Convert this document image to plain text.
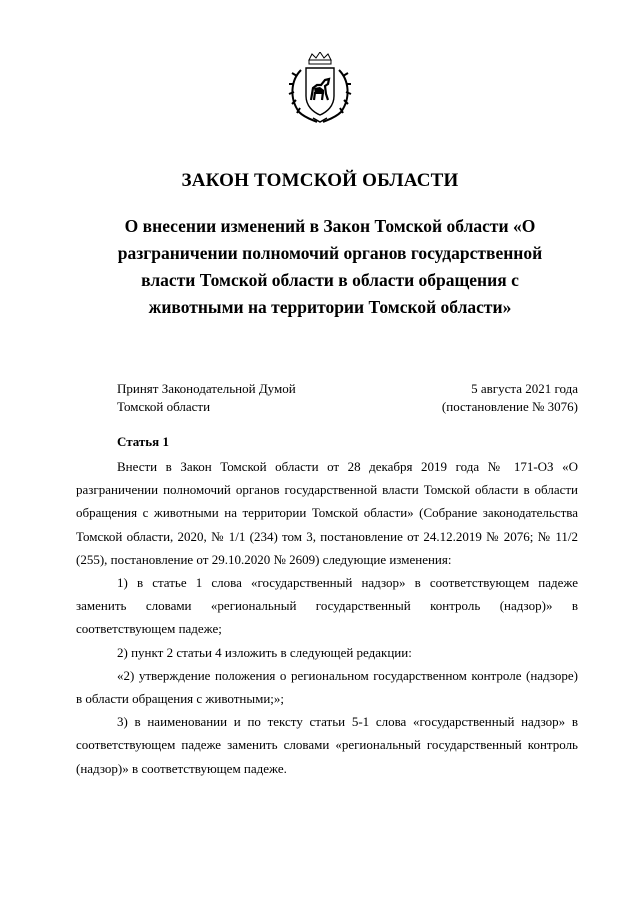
ЗАКОН ТОМСКОЙ ОБЛАСТИ
О внесении изменений в Закон Томской области «О разграничении полномочий органов государственной власти Томской области в области обращения с животными на территории Томской области»
Принят Законодательной Думой
Томской области
5 августа 2021 года
(постановление № 3076)
Статья 1

Внести в Закон Томской области от 28 декабря 2019 года № 171-ОЗ «О разграничении полномочий органов государственной власти Томской области в области обращения с животными на территории Томской области» (Собрание законодательства Томской области, 2020, № 1/1 (234) том 3, постановление от 24.12.2019 № 2076; № 11/2 (255), постановление от 29.10.2020 № 2609) следующие изменения:

1) в статье 1 слова «государственный надзор» в соответствующем падеже заменить словами «региональный государственный контроль (надзор)» в соответствующем падеже;

2) пункт 2 статьи 4 изложить в следующей редакции:

«2) утверждение положения о региональном государственном контроле (надзоре) в области обращения с животными;»;

3) в наименовании и по тексту статьи 5-1 слова «государственный надзор» в соответствующем падеже заменить словами «региональный государственный контроль (надзор)» в соответствующем падеже.
